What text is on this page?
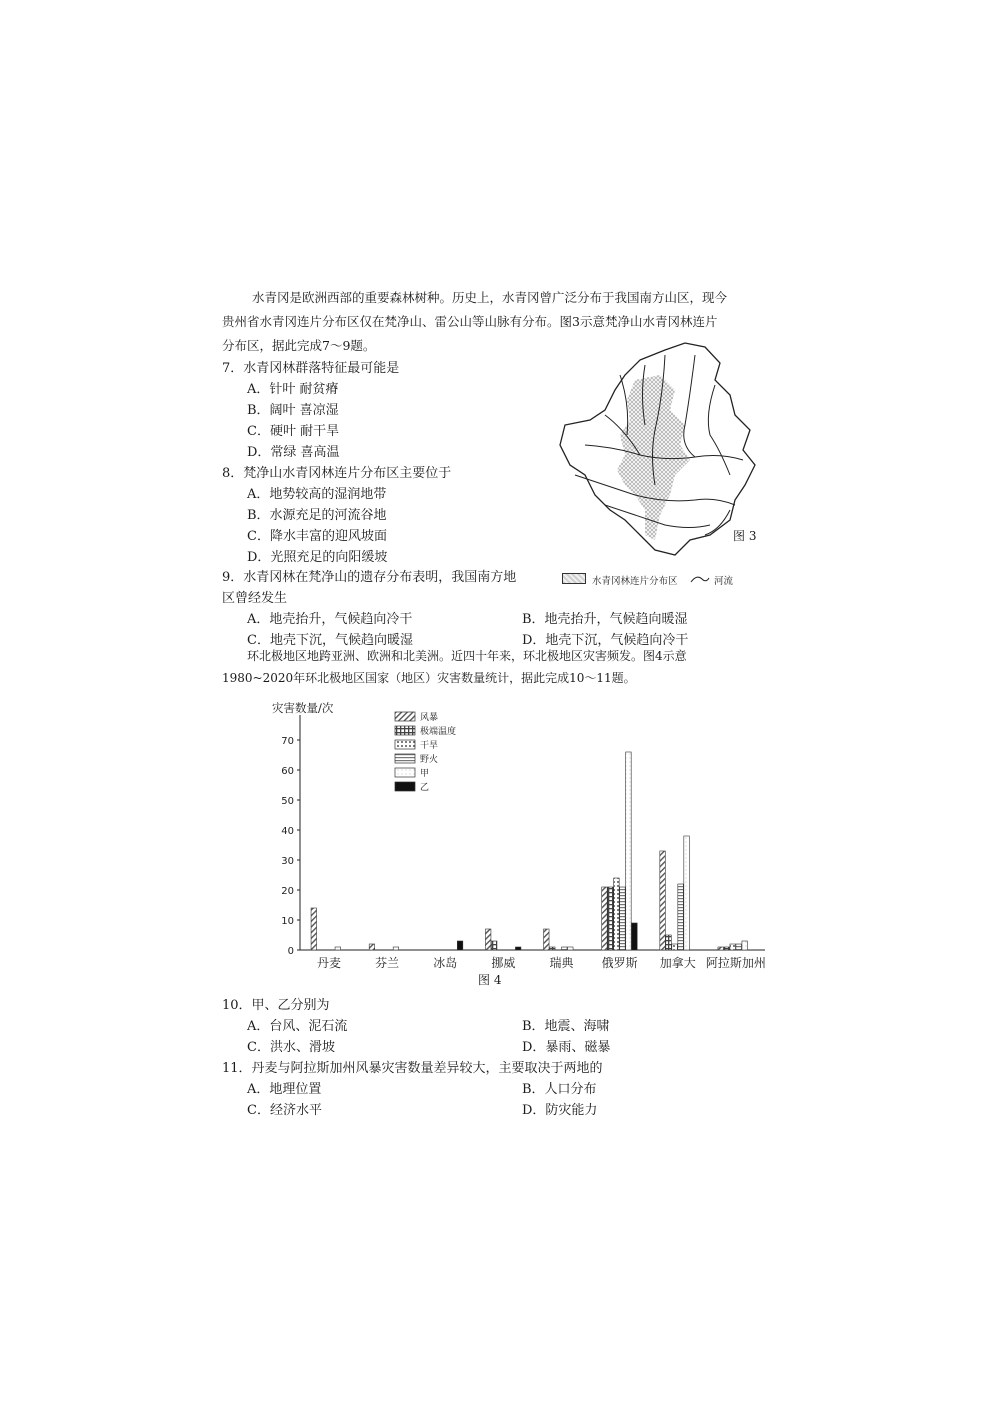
水青冈是欧洲西部的重要森林树种。历史上，水青冈曾广泛分布于我国南方山区，现今
贵州省水青冈连片分布区仅在梵净山、雷公山等山脉有分布。图3示意梵净山水青冈林连片
分布区，据此完成7～9题。
7．水青冈林群落特征最可能是
A．针叶 耐贫瘠
B．阔叶 喜凉湿
C．硬叶 耐干旱
D．常绿 喜高温
8．梵净山水青冈林连片分布区主要位于
A．地势较高的湿润地带
B．水源充足的河流谷地
C．降水丰富的迎风坡面
D．光照充足的向阳缓坡
9．水青冈林在梵净山的遗存分布表明，我国南方地
区曾经发生
A．地壳抬升，气候趋向冷干	B．地壳抬升，气候趋向暖湿
C．地壳下沉，气候趋向暖湿	D．地壳下沉，气候趋向冷干
图 3
水青冈林连片分布区	河流
环北极地区地跨亚洲、欧洲和北美洲。近四十年来，环北极地区灾害频发。图4示意
1980~2020年环北极地区国家（地区）灾害数量统计，据此完成10～11题。
灾害数量/次
0
10
20
30
40
50
60
70
丹麦	芬兰	冰岛	挪威	瑞典 俄罗斯 加拿大 阿拉斯加州
风暴
极端温度
干旱
野火
甲
乙
图 4
10．甲、乙分别为
A．台风、泥石流	B．地震、海啸
C．洪水、滑坡	D．暴雨、磁暴
11．丹麦与阿拉斯加州风暴灾害数量差异较大，主要取决于两地的
A．地理位置	B．人口分布
C．经济水平	D．防灾能力
